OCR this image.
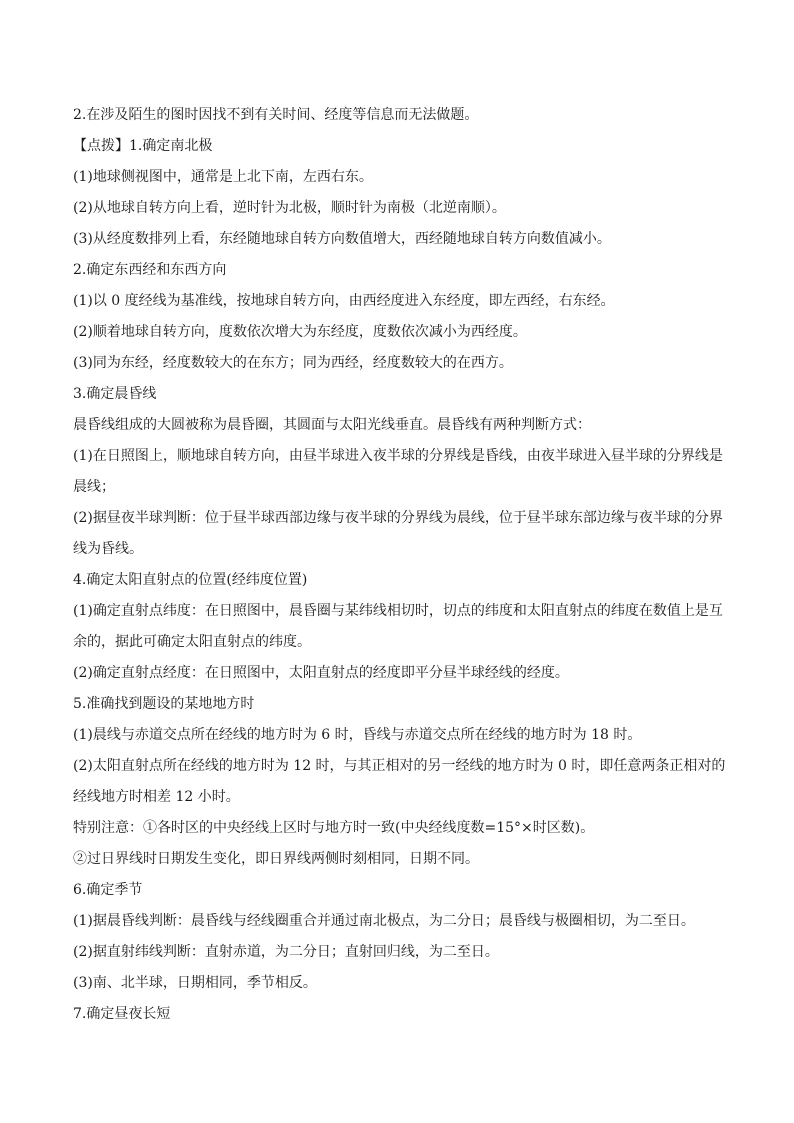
2.在涉及陌生的图时因找不到有关时间、经度等信息而无法做题。

【点拨】1.确定南北极

(1)地球侧视图中，通常是上北下南，左西右东。

(2)从地球自转方向上看，逆时针为北极，顺时针为南极（北逆南顺）。

(3)从经度数排列上看，东经随地球自转方向数值增大，西经随地球自转方向数值减小。

2.确定东西经和东西方向

(1)以 0 度经线为基准线，按地球自转方向，由西经度进入东经度，即左西经，右东经。

(2)顺着地球自转方向，度数依次增大为东经度，度数依次减小为西经度。

(3)同为东经，经度数较大的在东方；同为西经，经度数较大的在西方。

3.确定晨昏线

晨昏线组成的大圆被称为晨昏圈，其圆面与太阳光线垂直。晨昏线有两种判断方式：

(1)在日照图上，顺地球自转方向，由昼半球进入夜半球的分界线是昏线，由夜半球进入昼半球的分界线是

晨线；

(2)据昼夜半球判断：位于昼半球西部边缘与夜半球的分界线为晨线，位于昼半球东部边缘与夜半球的分界

线为昏线。

4.确定太阳直射点的位置(经纬度位置)

(1)确定直射点纬度：在日照图中，晨昏圈与某纬线相切时，切点的纬度和太阳直射点的纬度在数值上是互

余的，据此可确定太阳直射点的纬度。

(2)确定直射点经度：在日照图中，太阳直射点的经度即平分昼半球经线的经度。

5.准确找到题设的某地地方时

(1)晨线与赤道交点所在经线的地方时为 6 时，昏线与赤道交点所在经线的地方时为 18 时。

(2)太阳直射点所在经线的地方时为 12 时，与其正相对的另一经线的地方时为 0 时，即任意两条正相对的

经线地方时相差 12 小时。

特别注意：①各时区的中央经线上区时与地方时一致(中央经线度数=15°×时区数)。

②过日界线时日期发生变化，即日界线两侧时刻相同，日期不同。

6.确定季节

(1)据晨昏线判断：晨昏线与经线圈重合并通过南北极点，为二分日；晨昏线与极圈相切，为二至日。

(2)据直射纬线判断：直射赤道，为二分日；直射回归线，为二至日。

(3)南、北半球，日期相同，季节相反。

7.确定昼夜长短
